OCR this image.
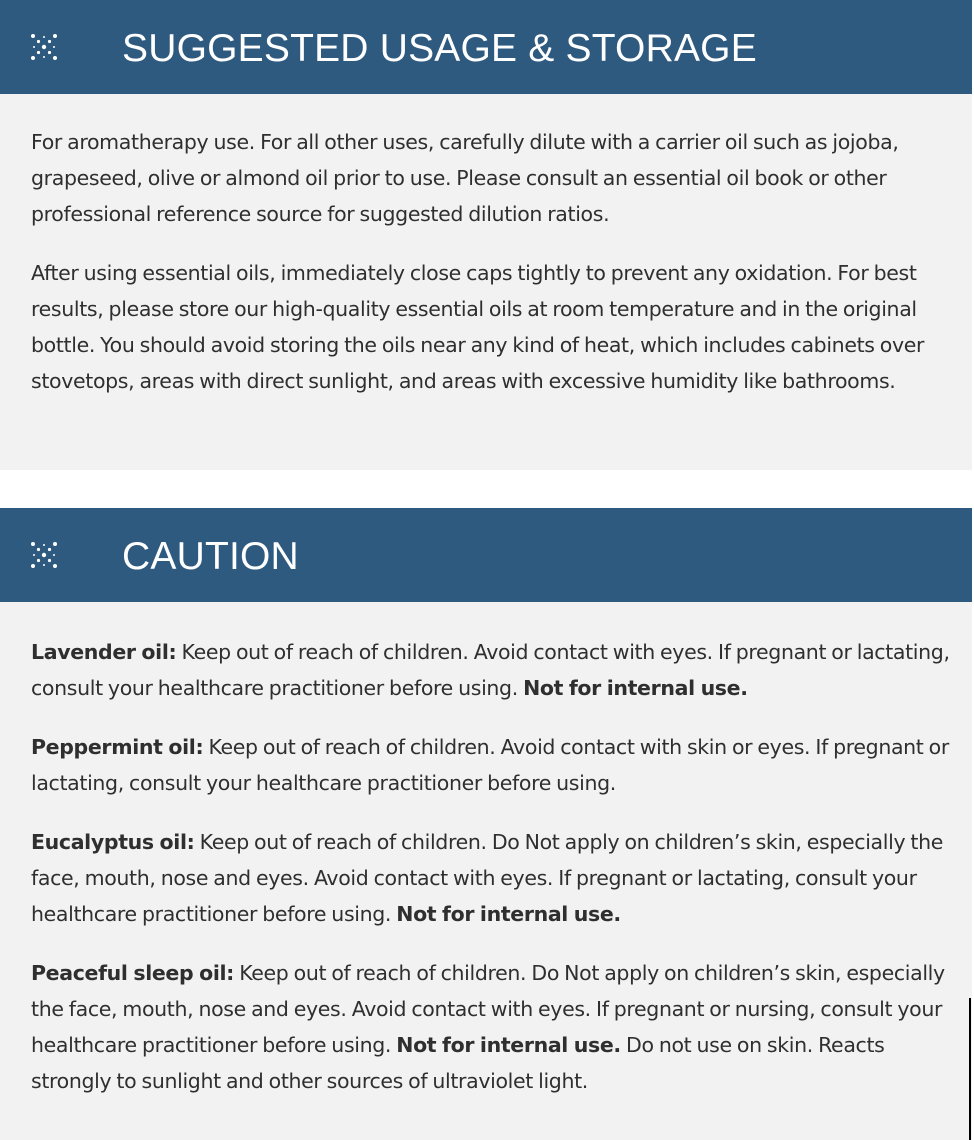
SUGGESTED USAGE & STORAGE

For aromatherapy use. For all other uses, carefully dilute with a carrier oil such as jojoba, grapeseed, olive or almond oil prior to use. Please consult an essential oil book or other professional reference source for suggested dilution ratios.

After using essential oils, immediately close caps tightly to prevent any oxidation. For best results, please store our high-quality essential oils at room temperature and in the original bottle. You should avoid storing the oils near any kind of heat, which includes cabinets over stovetops, areas with direct sunlight, and areas with excessive humidity like bathrooms.

CAUTION

Lavender oil: Keep out of reach of children. Avoid contact with eyes. If pregnant or lactating, consult your healthcare practitioner before using. Not for internal use.

Peppermint oil: Keep out of reach of children. Avoid contact with skin or eyes. If pregnant or lactating, consult your healthcare practitioner before using.

Eucalyptus oil: Keep out of reach of children. Do Not apply on children’s skin, especially the face, mouth, nose and eyes. Avoid contact with eyes. If pregnant or lactating, consult your healthcare practitioner before using. Not for internal use.

Peaceful sleep oil: Keep out of reach of children. Do Not apply on children’s skin, especially the face, mouth, nose and eyes. Avoid contact with eyes. If pregnant or nursing, consult your healthcare practitioner before using. Not for internal use. Do not use on skin. Reacts strongly to sunlight and other sources of ultraviolet light.
